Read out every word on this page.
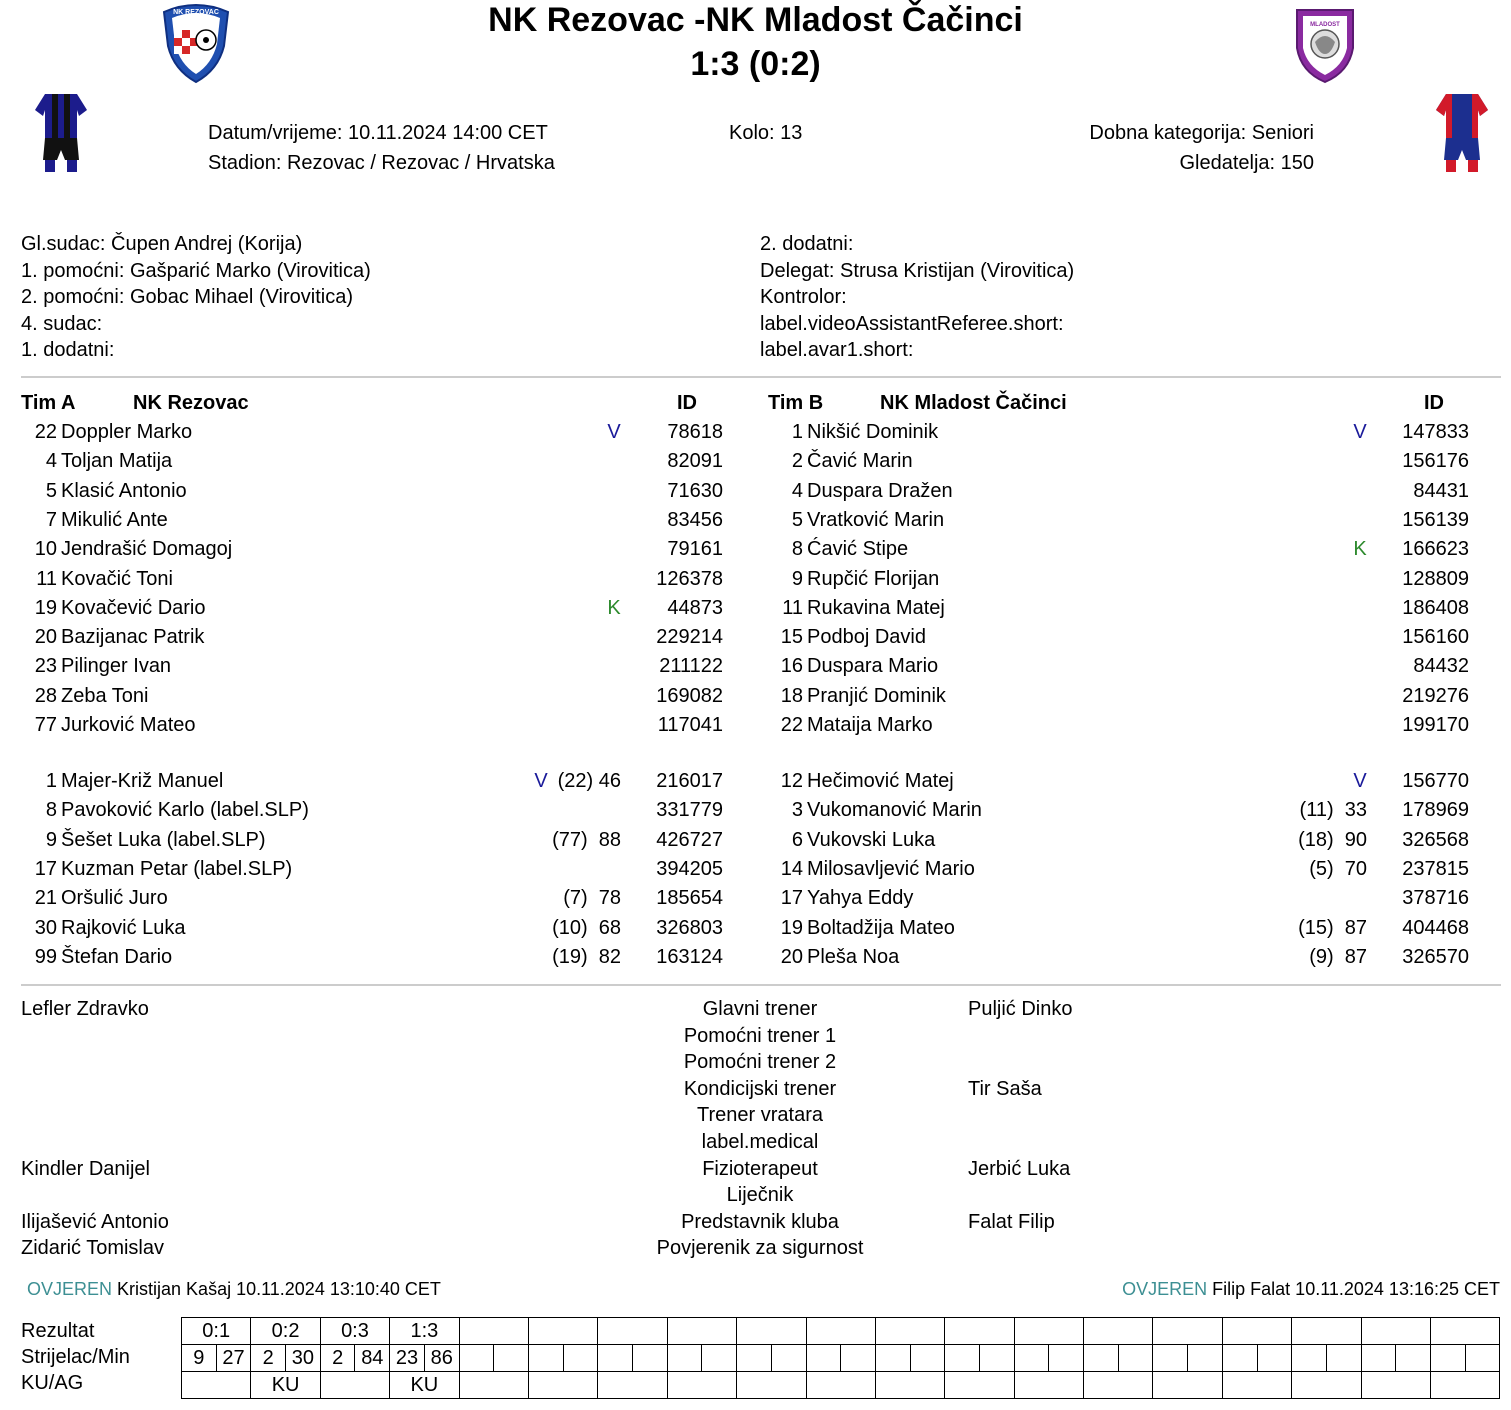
NK REZOVAC	NK Rezovac -NK Mladost Čačinci
1:3 (0:2)
MLADOST
Datum/vrijeme: 10.11.2024 14:00 CET
Stadion: Rezovac / Rezovac / Hrvatska
Kolo: 13	Dobna kategorija: Seniori
Gledatelja: 150
Gl.sudac: Čupen Andrej (Korija)
1. pomoćni: Gašparić Marko (Virovitica)
2. pomoćni: Gobac Mihael (Virovitica)
4. sudac:
1. dodatni:
2. dodatni:
Delegat: Strusa Kristijan (Virovitica)
Kontrolor:
label.videoAssistantReferee.short:
label.avar1.short:
Tim A	NK Rezovac	ID	Tim B	NK Mladost Čačinci	ID
22 Doppler Marko	V	78618
4 Toljan Matija	82091
5 Klasić Antonio	71630
7 Mikulić Ante	83456
10 Jendrašić Domagoj	79161
11 Kovačić Toni	126378
19 Kovačević Dario	K	44873
20 Bazijanac Patrik	229214
23 Pilinger Ivan	211122
28 Zeba Toni	169082
77 Jurković Mateo	117041
1 Majer-Križ Manuel	V (22) 46	216017
8 Pavoković Karlo (label.SLP)	331779
9 Šešet Luka (label.SLP)	(77)  88	426727
17 Kuzman Petar (label.SLP)	394205
21 Oršulić Juro	(7)  78	185654
30 Rajković Luka	(10)  68	326803
99 Štefan Dario	(19)  82	163124
1 Nikšić Dominik	V	147833
2 Čavić Marin	156176
4 Duspara Dražen	84431
5 Vratković Marin	156139
8 Ćavić Stipe	K	166623
9 Rupčić Florijan	128809
11 Rukavina Matej	186408
15 Podboj David	156160
16 Duspara Mario	84432
18 Pranjić Dominik	219276
22 Mataija Marko	199170
12 Hečimović Matej	V	156770
3 Vukomanović Marin	(11)  33	178969
6 Vukovski Luka	(18)  90	326568
14 Milosavljević Mario	(5)  70	237815
17 Yahya Eddy	378716
19 Boltadžija Mateo	(15)  87	404468
20 Pleša Noa	(9)  87	326570
Lefler Zdravko	Glavni trener	Puljić Dinko
Pomoćni trener 1
Pomoćni trener 2
Kondicijski trener	Tir Saša
Trener vratara
label.medical
Kindler Danijel	Fizioterapeut	Jerbić Luka
Liječnik
Ilijašević Antonio	Predstavnik kluba	Falat Filip
Zidarić Tomislav	Povjerenik za sigurnost
OVJEREN Kristijan Kašaj 10.11.2024 13:10:40 CET	OVJEREN Filip Falat 10.11.2024 13:16:25 CET
Rezultat
Strijelac/Min
KU/AG
0:1		0:2		0:3		1:3																															
9	27	2	30	2	84	23	86																														
		KU				KU																															
